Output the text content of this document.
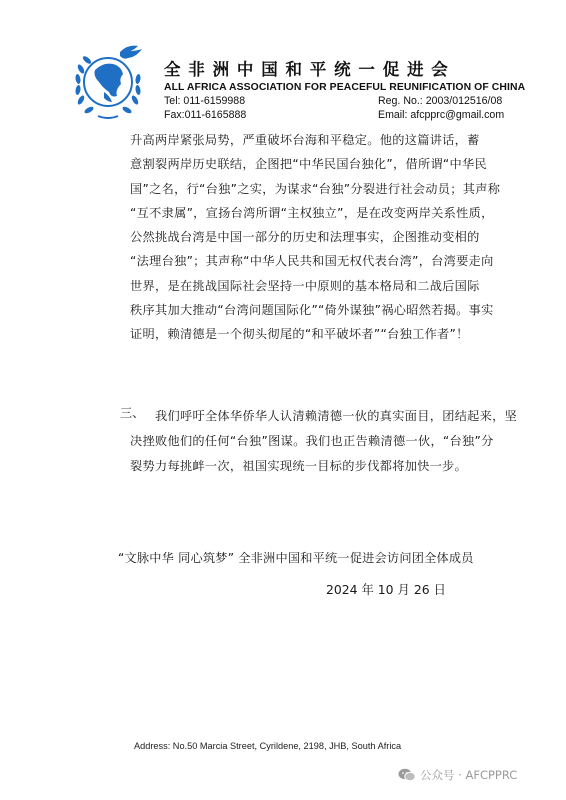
全非洲中国和平统一促进会
ALL AFRICA ASSOCIATION FOR PEACEFUL REUNIFICATION OF CHINA
Tel: 011-6159988	Reg. No.: 2003/012516/08
Fax:011-6165888	Email: afcpprc@gmail.com
升高两岸紧张局势，严重破坏台海和平稳定。他的这篇讲话，蓄
意割裂两岸历史联结，企图把“中华民国台独化”，借所谓“中华民
国”之名，行“台独”之实，为谋求“台独”分裂进行社会动员；其声称
“互不隶属”，宣扬台湾所谓“主权独立”，是在改变两岸关系性质，
公然挑战台湾是中国一部分的历史和法理事实，企图推动变相的
“法理台独”；其声称“中华人民共和国无权代表台湾”，台湾要走向
世界，是在挑战国际社会坚持一中原则的基本格局和二战后国际
秩序其加大推动“台湾问题国际化”“倚外谋独”祸心昭然若揭。事实
证明，赖清德是一个彻头彻尾的“和平破坏者”“台独工作者”！
三、 我们呼吁全体华侨华人认清赖清德一伙的真实面目，团结起来，坚
决挫败他们的任何“台独”图谋。我们也正告赖清德一伙，“台独”分
裂势力每挑衅一次，祖国实现统一目标的步伐都将加快一步。
“文脉中华 同心筑梦” 全非洲中国和平统一促进会访问团全体成员
2024 年 10 月 26 日
Address: No.50 Marcia Street, Cyrildene, 2198, JHB, South Africa
公众号 · AFCPPRC
